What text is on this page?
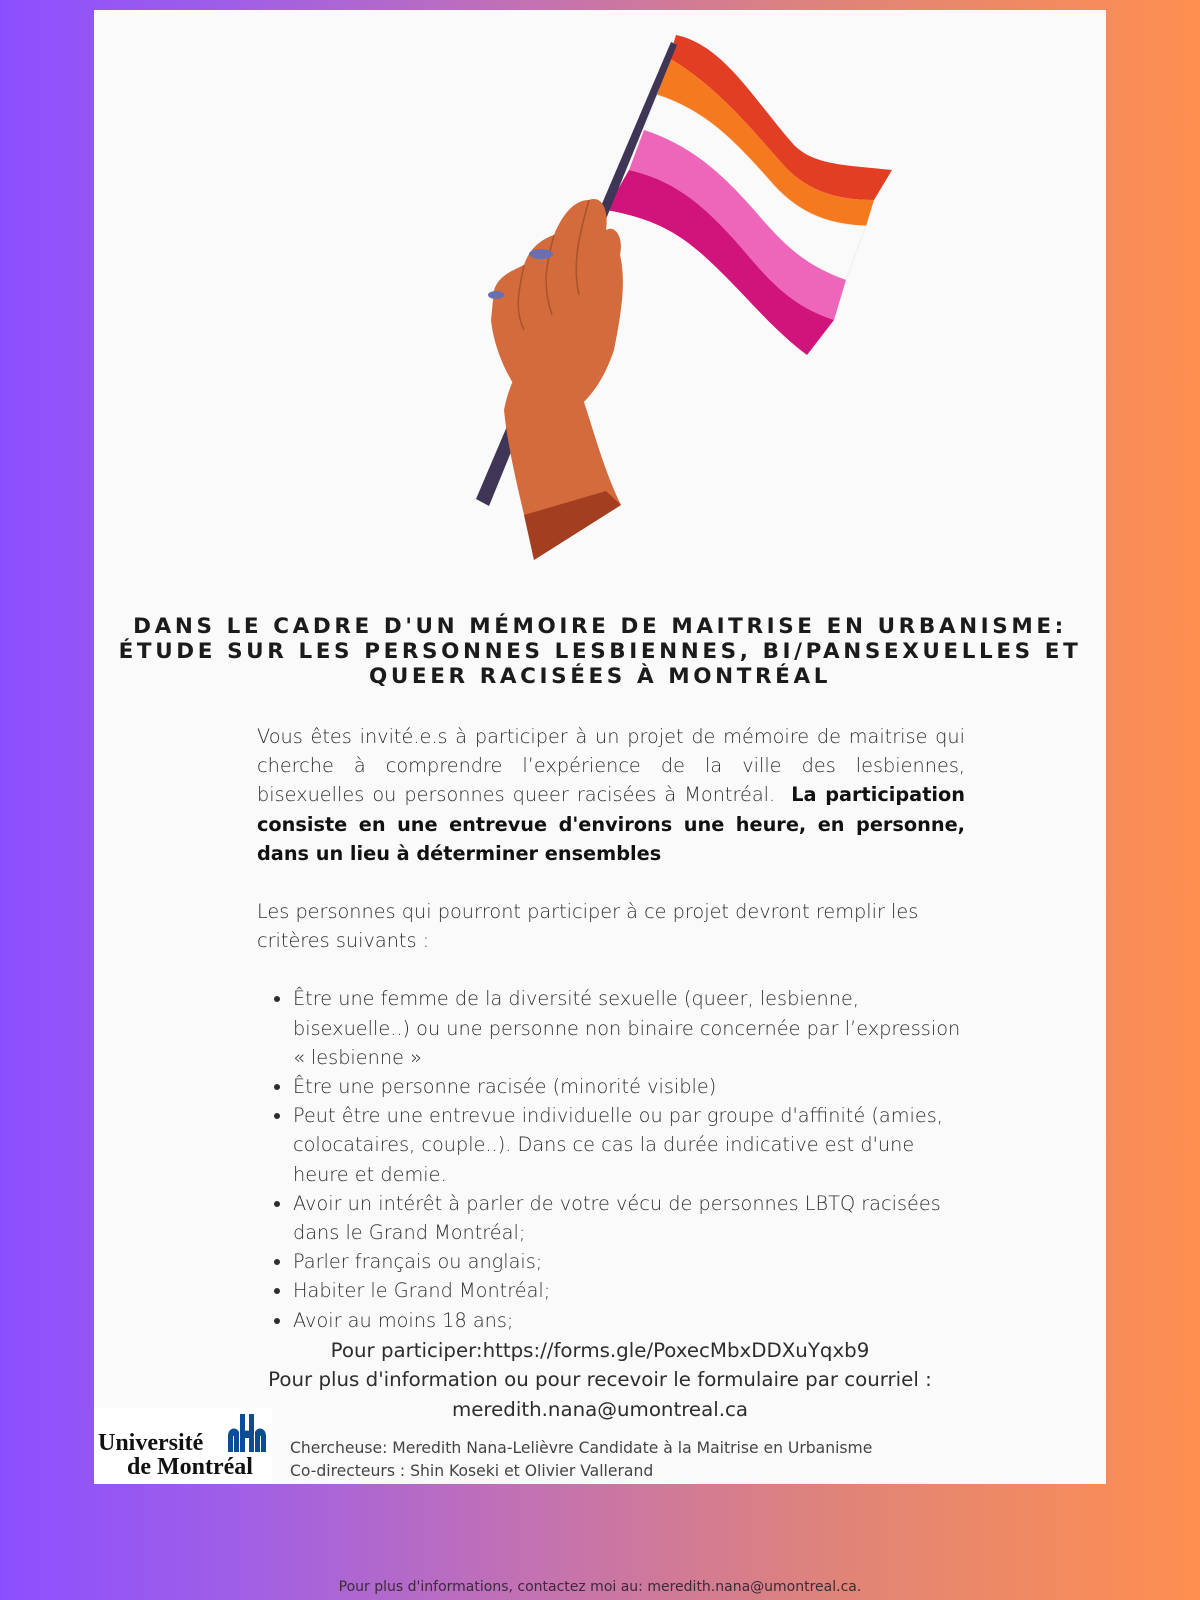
DANS LE CADRE D'UN MÉMOIRE DE MAITRISE EN URBANISME:
ÉTUDE SUR LES PERSONNES LESBIENNES, BI/PANSEXUELLES ET
QUEER RACISÉES À MONTRÉAL

Vous êtes invité.e.s à participer à un projet de mémoire de maitrise qui cherche à comprendre l’expérience de la ville des lesbiennes, bisexuelles ou personnes queer racisées à Montréal. La participation consiste en une entrevue d'environs une heure, en personne, dans un lieu à déterminer ensembles

Les personnes qui pourront participer à ce projet devront remplir les critères suivants :

• Être une femme de la diversité sexuelle (queer, lesbienne, bisexuelle..) ou une personne non binaire concernée par l’expression « lesbienne »
• Être une personne racisée (minorité visible)
• Peut être une entrevue individuelle ou par groupe d'affinité (amies, colocataires, couple..). Dans ce cas la durée indicative est d'une heure et demie.
• Avoir un intérêt à parler de votre vécu de personnes LBTQ racisées dans le Grand Montréal;
• Parler français ou anglais;
• Habiter le Grand Montréal;
• Avoir au moins 18 ans;
Pour participer:https://forms.gle/PoxecMbxDDXuYqxb9
Pour plus d'information ou pour recevoir le formulaire par courriel :
meredith.nana@umontreal.ca
Université
de Montréal
Chercheuse: Meredith Nana-Lelièvre Candidate à la Maitrise en Urbanisme
Co-directeurs : Shin Koseki et Olivier Vallerand
Pour plus d'informations, contactez moi au: meredith.nana@umontreal.ca.
